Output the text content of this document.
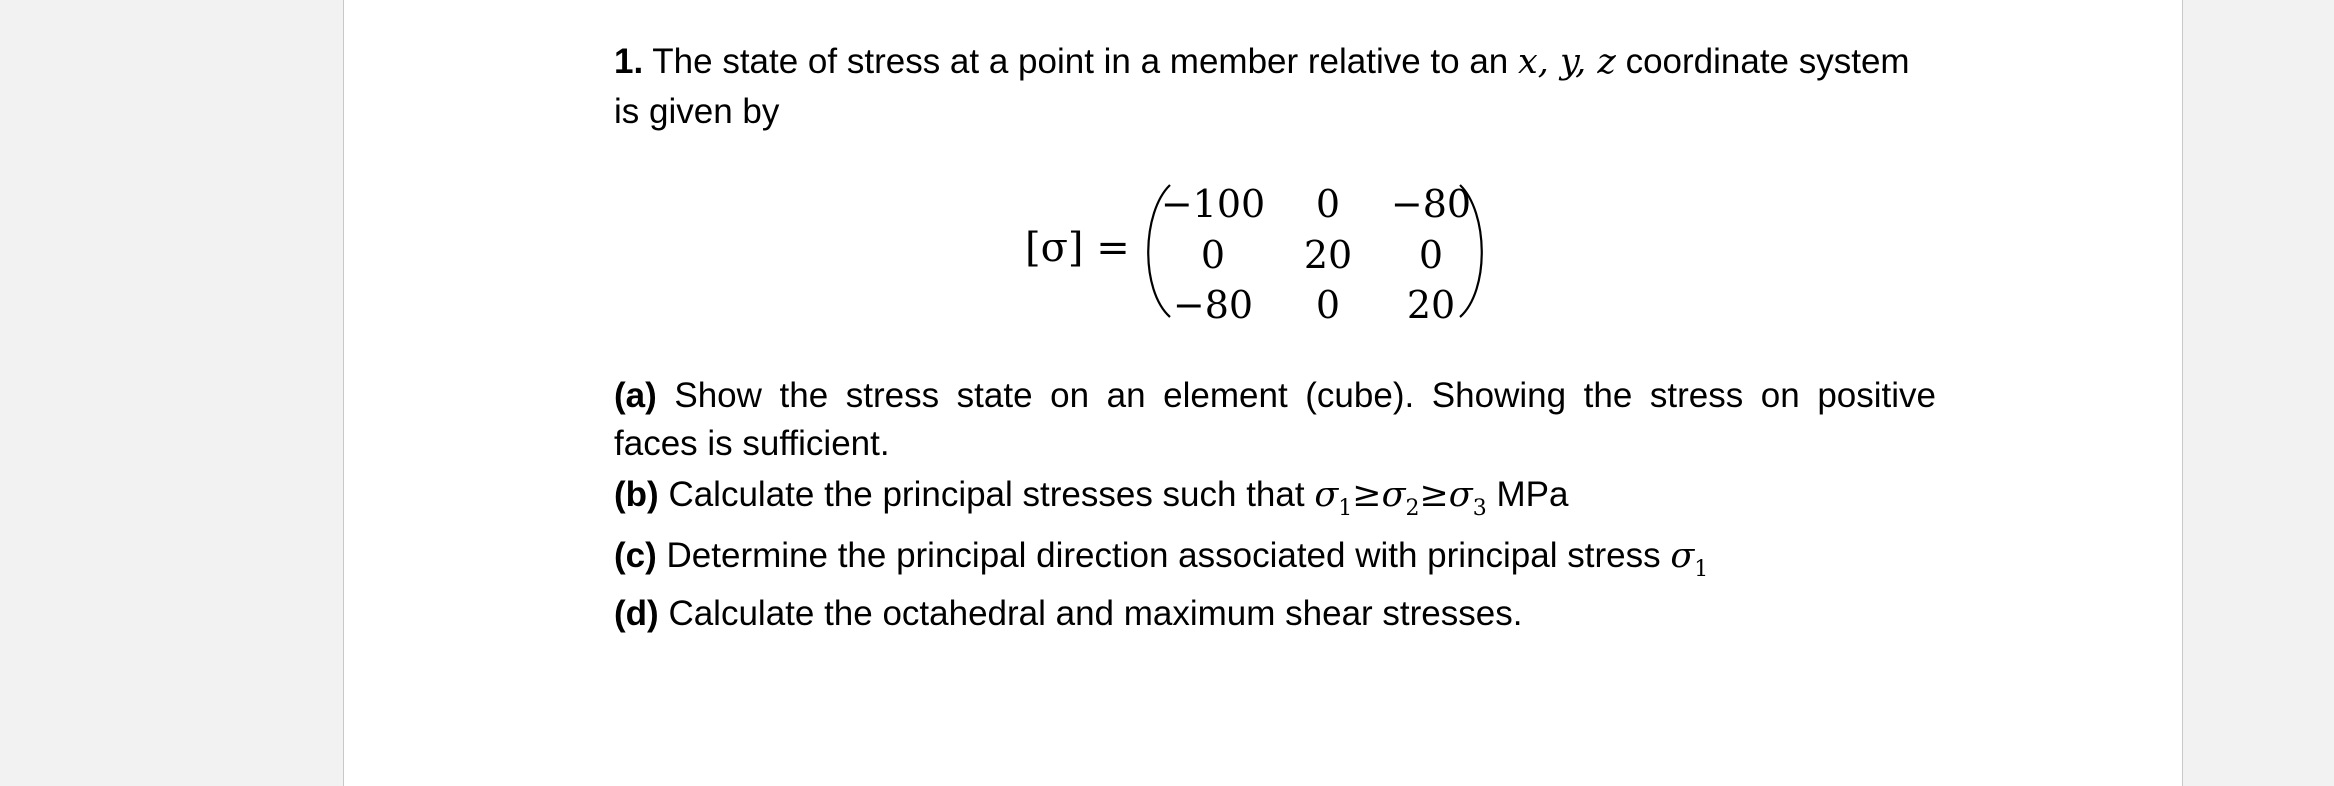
1. The state of stress at a point in a member relative to an x, y, z coordinate system
is given by
(a) Show the stress state on an element (cube). Showing the stress on positive
faces is sufficient.
(b) Calculate the principal stresses such that $\sigma_1\ge\sigma_2\ge\sigma_3$ MPa
(c) Determine the principal direction associated with principal stress $\sigma_1$
(d) Calculate the octahedral and maximum shear stresses.
[σ] =
−100	0	−80
0	20	0
−80	0	20
